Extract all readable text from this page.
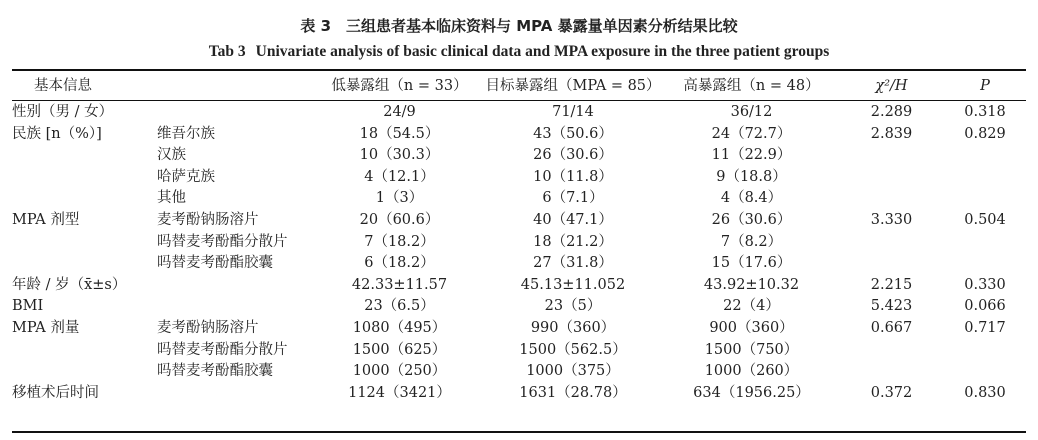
表 3　三组患者基本临床资料与 MPA 暴露量单因素分析结果比较
Tab 3 Univariate analysis of basic clinical data and MPA exposure in the three patient groups
基本信息		低暴露组（n = 33）	目标暴露组（MPA = 85）	高暴露组（n = 48）	χ²/H	P

性别（男 / 女）		24/9	71/14	36/12	2.289	0.318
民族 [n（%）]	维吾尔族	18（54.5）	43（50.6）	24（72.7）	2.839	0.829
	汉族	10（30.3）	26（30.6）	11（22.9）		
	哈萨克族	4（12.1）	10（11.8）	9（18.8）		
	其他	1（3）	6（7.1）	4（8.4）		
MPA 剂型	麦考酚钠肠溶片	20（60.6）	40（47.1）	26（30.6）	3.330	0.504
	吗替麦考酚酯分散片	7（18.2）	18（21.2）	7（8.2）		
	吗替麦考酚酯胶囊	6（18.2）	27（31.8）	15（17.6）		
年龄 / 岁（x̄±s）		42.33±11.57	45.13±11.052	43.92±10.32	2.215	0.330
BMI		23（6.5）	23（5）	22（4）	5.423	0.066
MPA 剂量	麦考酚钠肠溶片	1080（495）	990（360）	900（360）	0.667	0.717
	吗替麦考酚酯分散片	1500（625）	1500（562.5）	1500（750）		
	吗替麦考酚酯胶囊	1000（250）	1000（375）	1000（260）		
移植术后时间		1124（3421）	1631（28.78）	634（1956.25）	0.372	0.830
